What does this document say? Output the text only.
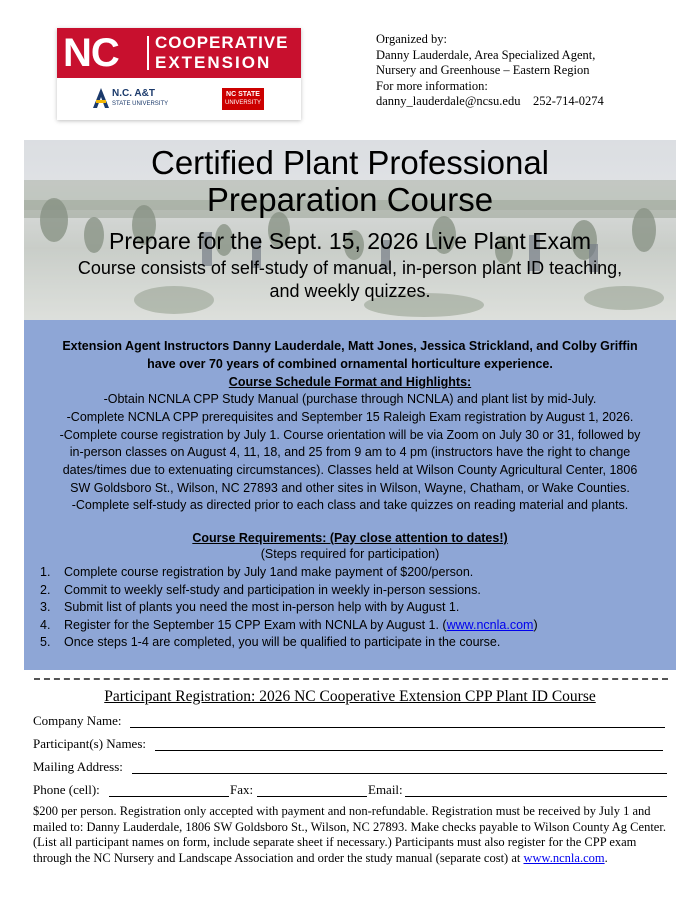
NC COOPERATIVE
EXTENSION
N.C. A&T
STATE UNIVERSITY
NC STATE
UNIVERSITY
Organized by:
Danny Lauderdale, Area Specialized Agent,
Nursery and Greenhouse – Eastern Region
For more information:
danny_lauderdale@ncsu.edu 252-714-0274
Certified Plant Professional
Preparation Course
Prepare for the Sept. 15, 2026 Live Plant Exam
Course consists of self-study of manual, in-person plant ID teaching,
and weekly quizzes.
Extension Agent Instructors Danny Lauderdale, Matt Jones, Jessica Strickland, and Colby Griffin
have over 70 years of combined ornamental horticulture experience.
Course Schedule Format and Highlights:
-Obtain NCNLA CPP Study Manual (purchase through NCNLA) and plant list by mid-July.
-Complete NCNLA CPP prerequisites and September 15 Raleigh Exam registration by August 1, 2026.
-Complete course registration by July 1. Course orientation will be via Zoom on July 30 or 31, followed by
in-person classes on August 4, 11, 18, and 25 from 9 am to 4 pm (instructors have the right to change
dates/times due to extenuating circumstances). Classes held at Wilson County Agricultural Center, 1806
SW Goldsboro St., Wilson, NC 27893 and other sites in Wilson, Wayne, Chatham, or Wake Counties.
-Complete self-study as directed prior to each class and take quizzes on reading material and plants.
Course Requirements: (Pay close attention to dates!)
(Steps required for participation)
1. Complete course registration by July 1and make payment of $200/person.
2. Commit to weekly self-study and participation in weekly in-person sessions.
3. Submit list of plants you need the most in-person help with by August 1.
4. Register for the September 15 CPP Exam with NCNLA by August 1. (www.ncnla.com)
5. Once steps 1-4 are completed, you will be qualified to participate in the course.
Participant Registration: 2026 NC Cooperative Extension CPP Plant ID Course
Company Name:
Participant(s) Names:
Mailing Address:
Phone (cell):	Fax:	Email:
$200 per person. Registration only accepted with payment and non-refundable. Registration must be received by July 1 and mailed to: Danny Lauderdale, 1806 SW Goldsboro St., Wilson, NC 27893. Make checks payable to Wilson County Ag Center. (List all participant names on form, include separate sheet if necessary.) Participants must also register for the CPP exam through the NC Nursery and Landscape Association and order the study manual (separate cost) at www.ncnla.com.
